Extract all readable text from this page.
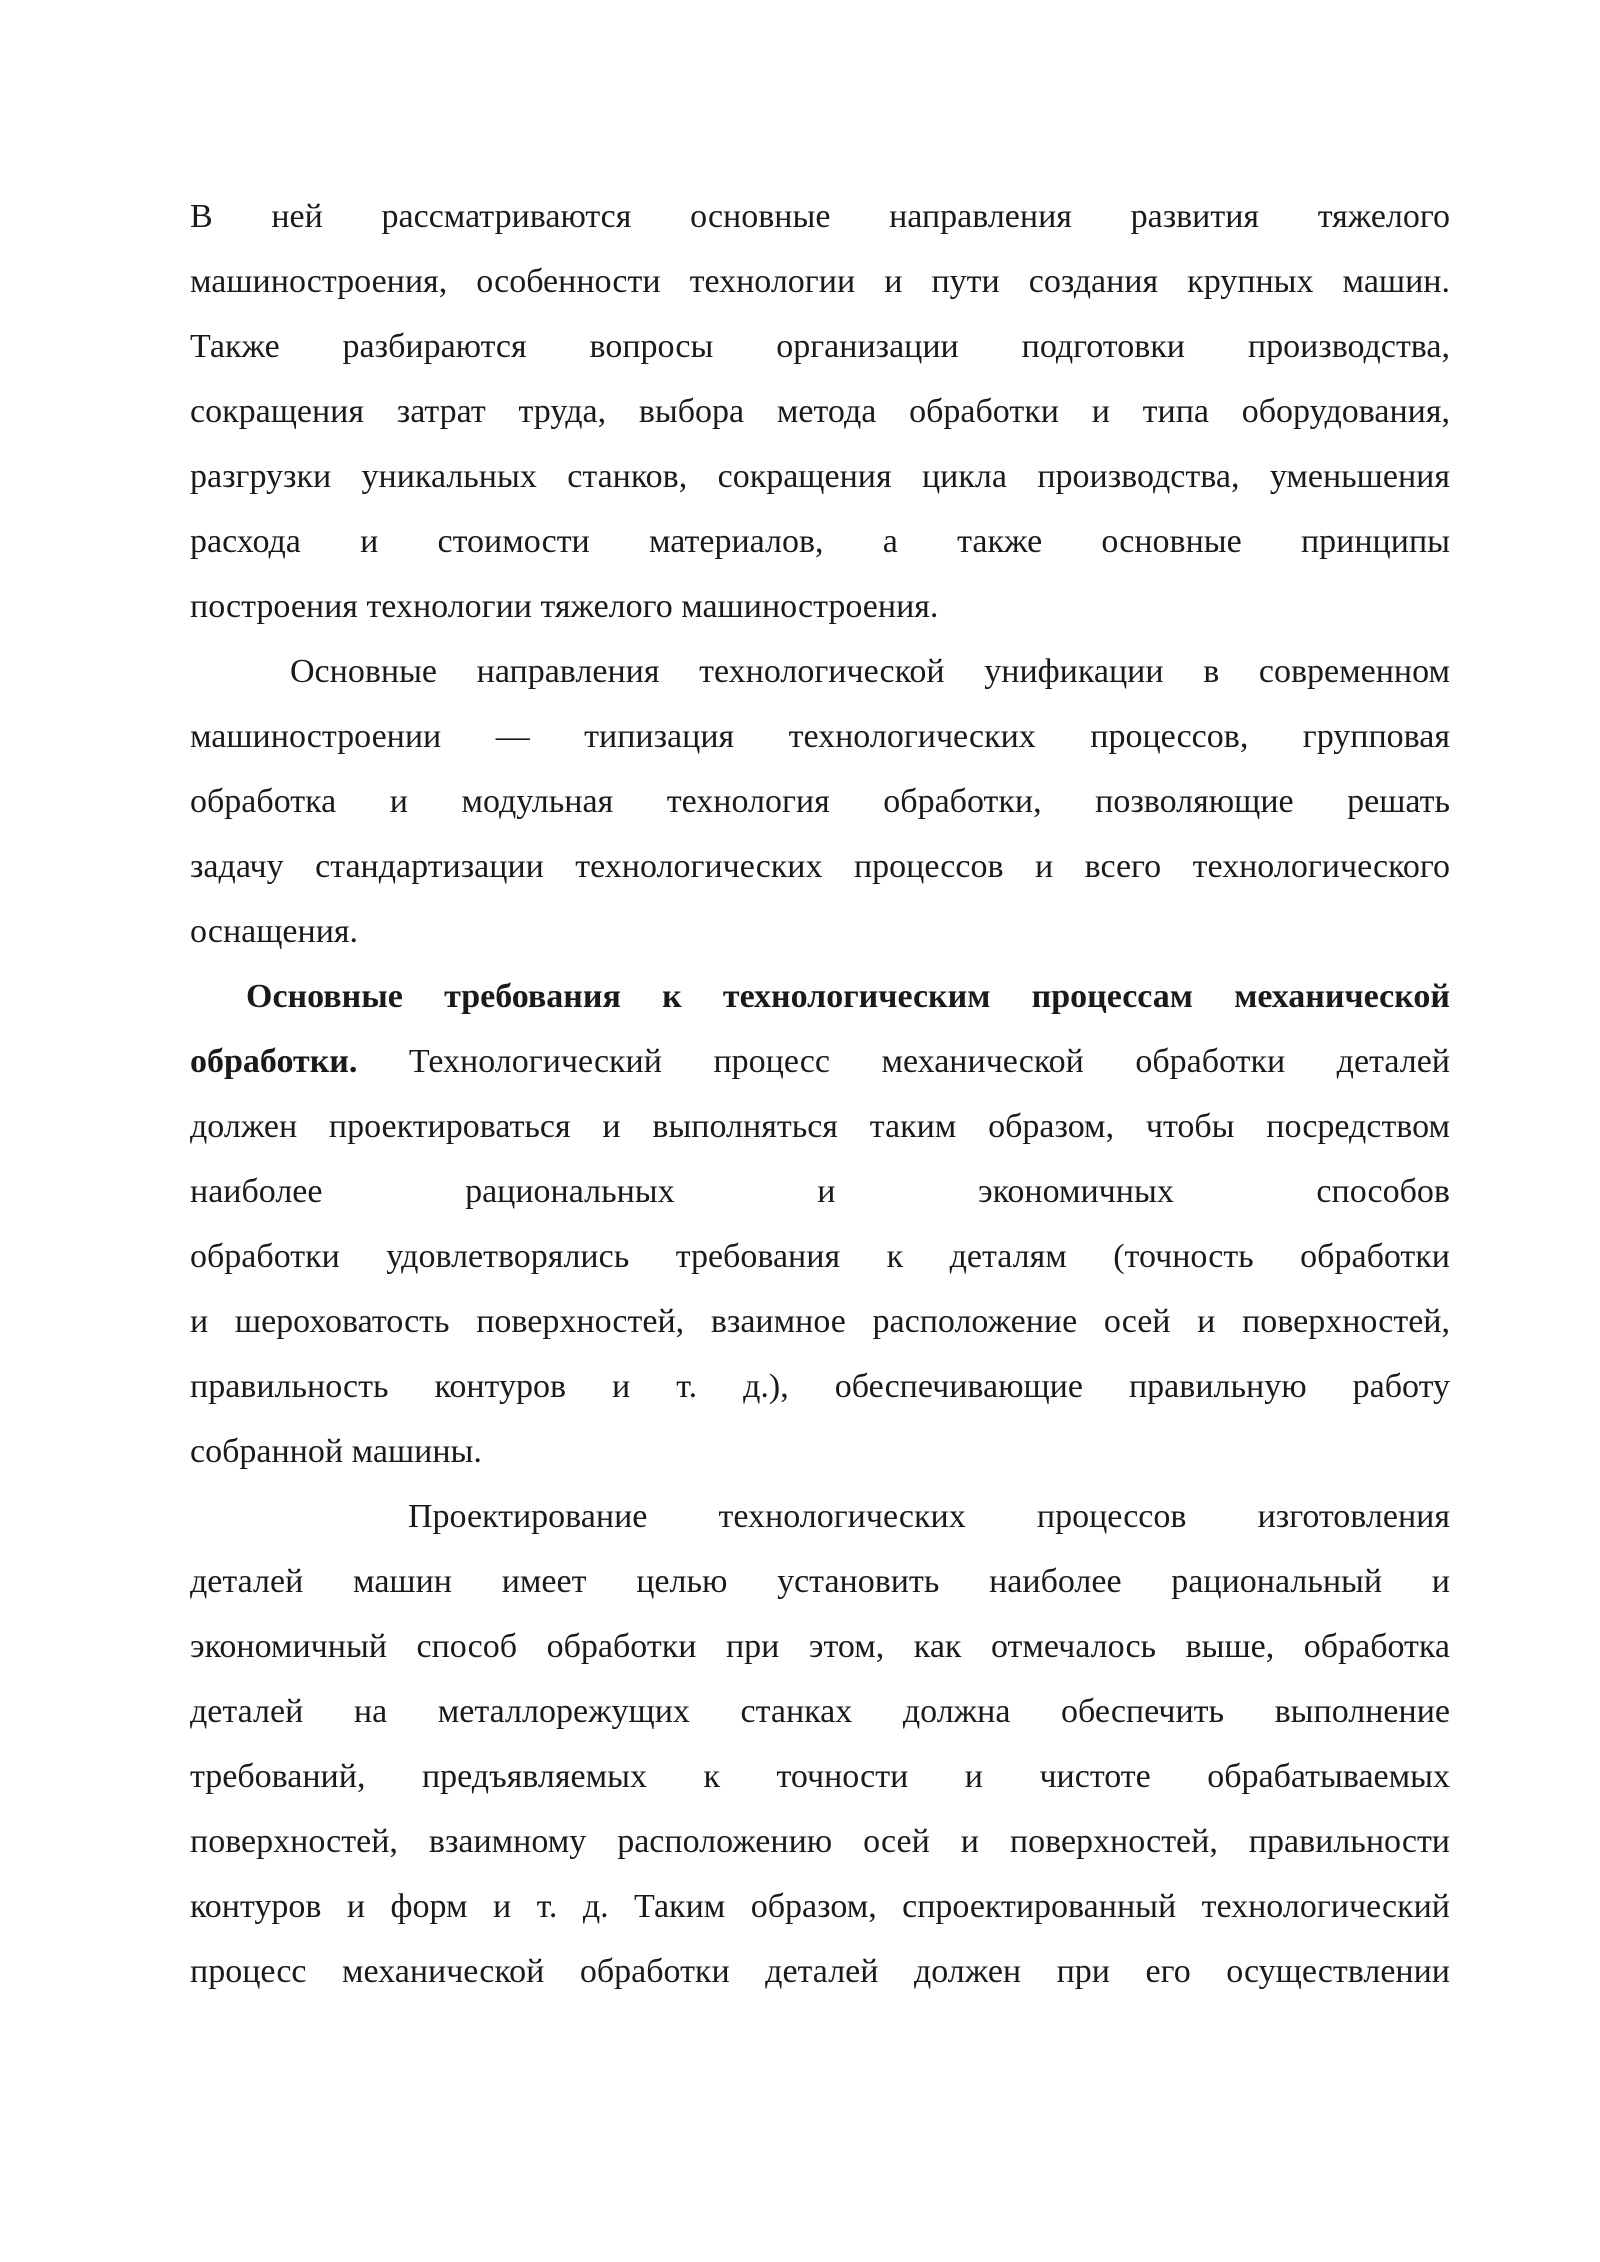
В ней рассматриваются основные направления развития тяжелого
машиностроения, особенности технологии и пути создания крупных машин.
Также разбираются вопросы организации подготовки производства,
сокращения затрат труда, выбора метода обработки и типа оборудования,
разгрузки уникальных станков, сокращения цикла производства, уменьшения
расхода и стоимости материалов, а также основные принципы
построения технологии тяжелого машиностроения.
Основные направления технологической унификации в современном
машиностроении — типизация технологических процессов, групповая
обработка и модульная технология обработки, позволяющие решать
задачу стандартизации технологических процессов и всего технологического
оснащения.
Основные требования к технологическим процессам механической
обработки. Технологический процесс механической обработки деталей
должен проектироваться и выполняться таким образом, чтобы посредством
наиболее рациональных и экономичных способов
обработки удовлетворялись требования к деталям (точность обработки
и шероховатость поверхностей, взаимное расположение осей и поверхностей,
правильность контуров и т. д.), обеспечивающие правильную работу
собранной машины.
Проектирование технологических процессов изготовления
деталей машин имеет целью установить наиболее рациональный и
экономичный способ обработки при этом, как отмечалось выше, обработка
деталей на металлорежущих станках должна обеспечить выполнение
требований, предъявляемых к точности и чистоте обрабатываемых
поверхностей, взаимному расположению осей и поверхностей, правильности
контуров и форм и т. д. Таким образом, спроектированный технологический
процесс механической обработки деталей должен при его осуществлении
